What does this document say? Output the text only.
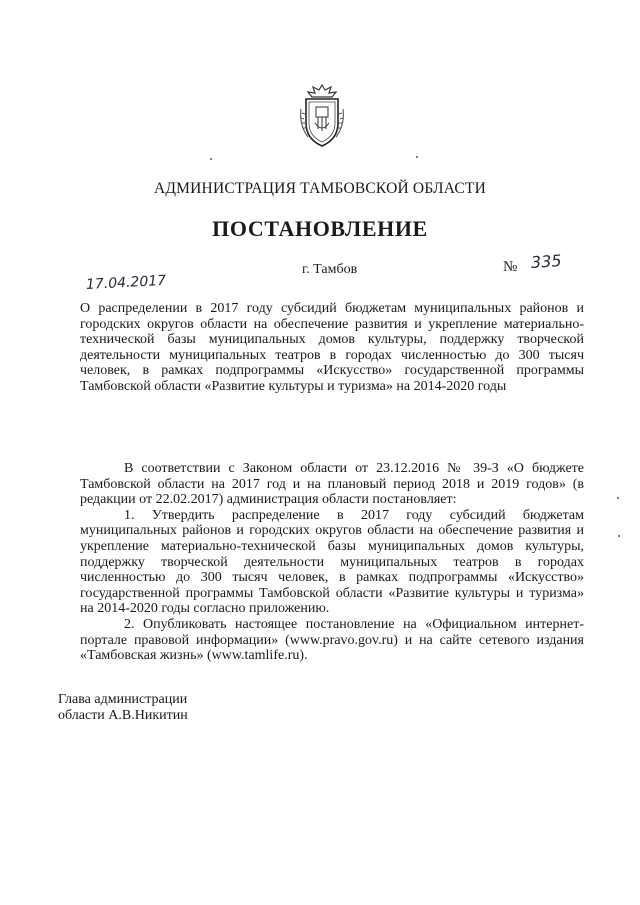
АДМИНИСТРАЦИЯ ТАМБОВСКОЙ ОБЛАСТИ
ПОСТАНОВЛЕНИЕ
17.04.2017
г. Тамбов	№ 335
О распределении в 2017 году субсидий бюджетам муниципальных районов и городских округов области на обеспечение развития и укрепление материально-технической базы муниципальных домов культуры, поддержку творческой деятельности муниципальных театров в городах численностью до 300 тысяч человек, в рамках подпрограммы «Искусство» государственной программы Тамбовской области «Развитие культуры и туризма» на 2014-2020 годы

В соответствии с Законом области от 23.12.2016 № 39-З «О бюджете Тамбовской области на 2017 год и на плановый период 2018 и 2019 годов» (в редакции от 22.02.2017) администрация области постановляет:

1. Утвердить распределение в 2017 году субсидий бюджетам муниципальных районов и городских округов области на обеспечение развития и укрепление материально-технической базы муниципальных домов культуры, поддержку творческой деятельности муниципальных театров в городах численностью до 300 тысяч человек, в рамках подпрограммы «Искусство» государственной программы Тамбовской области «Развитие культуры и туризма» на 2014-2020 годы согласно приложению.

2. Опубликовать настоящее постановление на «Официальном интернет-портале правовой информации» (www.pravo.gov.ru) и на сайте сетевого издания «Тамбовская жизнь» (www.tamlife.ru).

Глава администрации
области А.В.Никитин
